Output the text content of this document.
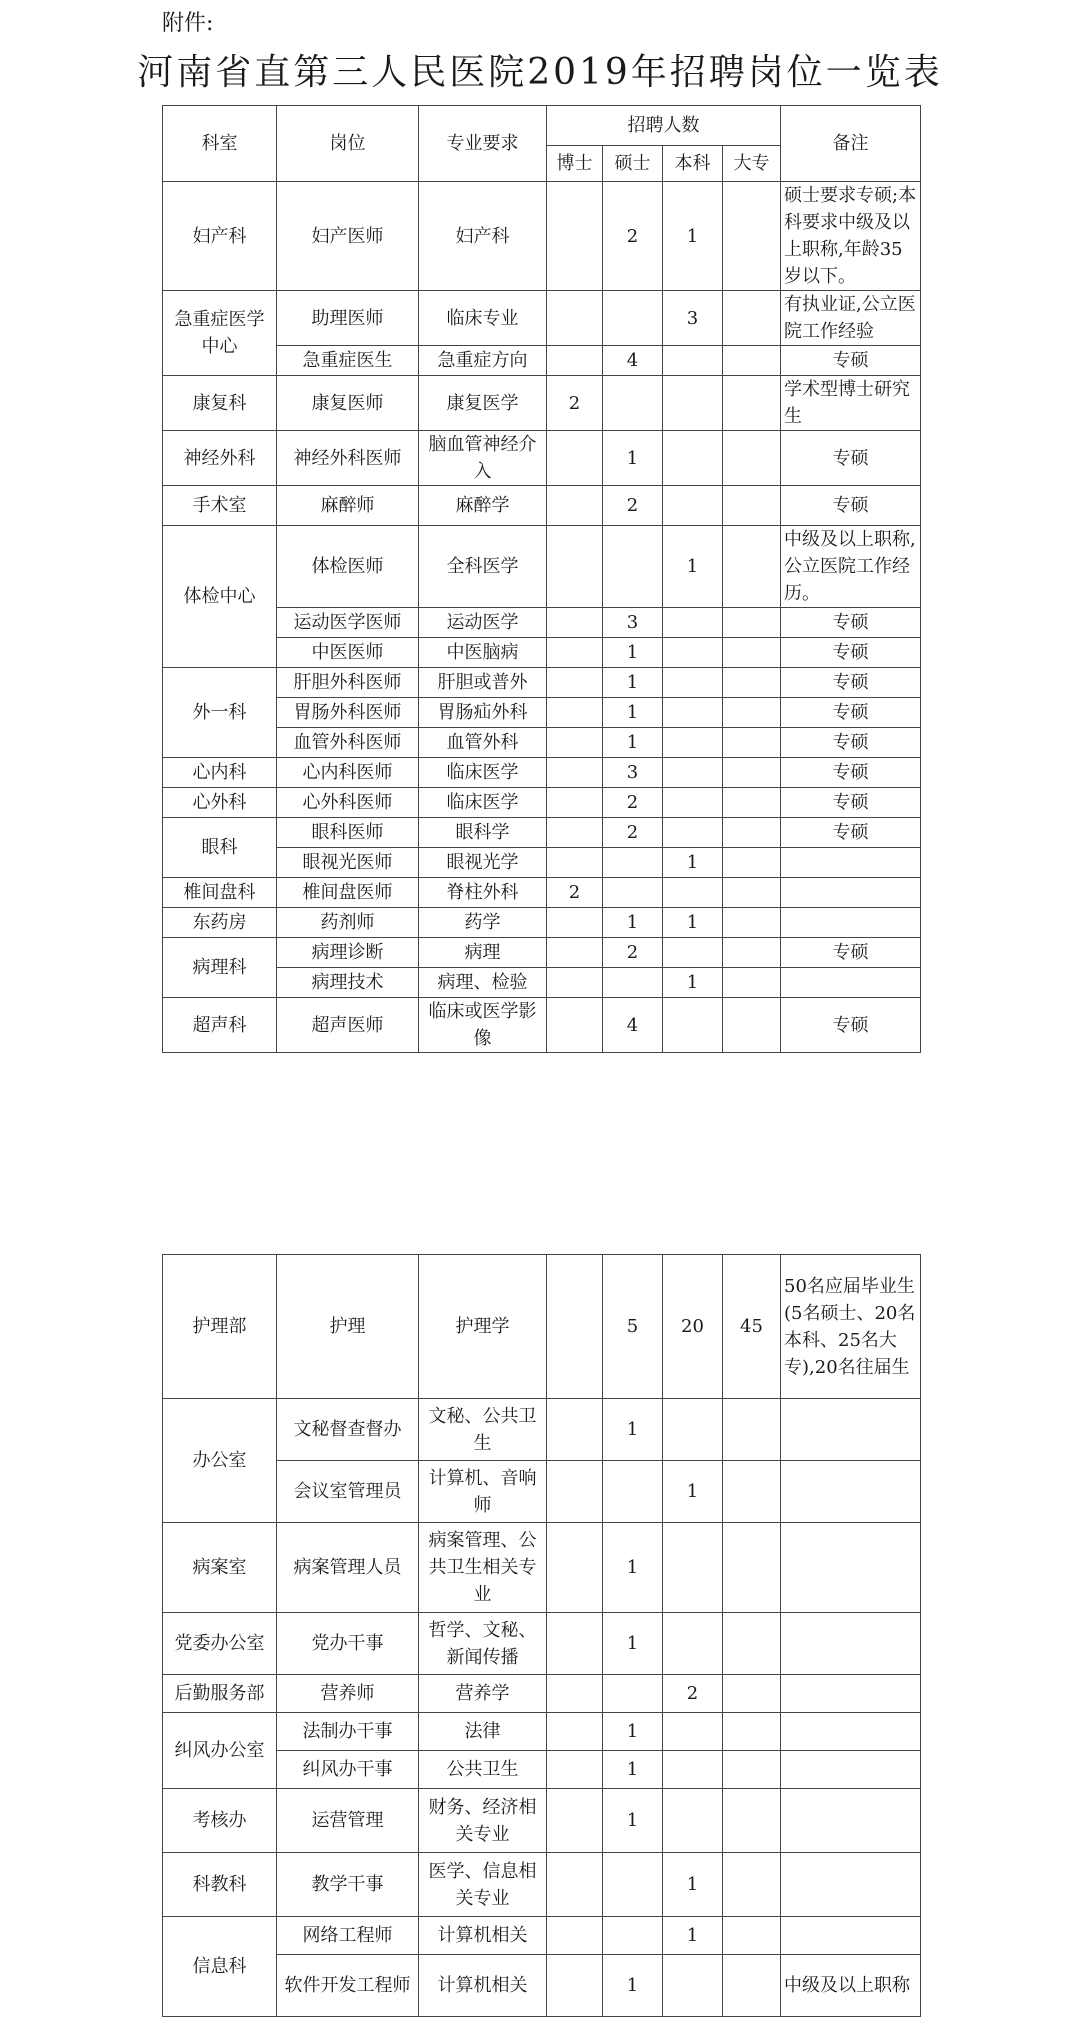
附件:
河南省直第三人民医院2019年招聘岗位一览表
科室	岗位	专业要求	招聘人数				备注
			博士	硕士	本科	大专	
妇产科	妇产医师	妇产科		2	1		硕士要求专硕;本科要求中级及以上职称,年龄35岁以下。
急重症医学中心	助理医师	临床专业			3		有执业证,公立医院工作经验
	急重症医生	急重症方向		4			专硕
康复科	康复医师	康复医学	2				学术型博士研究生
神经外科	神经外科医师	脑血管神经介入		1			专硕
手术室	麻醉师	麻醉学		2			专硕
体检中心	体检医师	全科医学			1		中级及以上职称,公立医院工作经历。
	运动医学医师	运动医学		3			专硕
	中医医师	中医脑病		1			专硕
外一科	肝胆外科医师	肝胆或普外		1			专硕
	胃肠外科医师	胃肠疝外科		1			专硕
	血管外科医师	血管外科		1			专硕
心内科	心内科医师	临床医学		3			专硕
心外科	心外科医师	临床医学		2			专硕
眼科	眼科医师	眼科学		2			专硕
	眼视光医师	眼视光学			1		
椎间盘科	椎间盘医师	脊柱外科	2				
东药房	药剂师	药学		1	1		
病理科	病理诊断	病理		2			专硕
	病理技术	病理、检验			1		
超声科	超声医师	临床或医学影像		4			专硕
护理部	护理	护理学		5	20	45	50名应届毕业生(5名硕士、20名本科、25名大专),20名往届生
办公室	文秘督查督办	文秘、公共卫生		1			
	会议室管理员	计算机、音响师			1		
病案室	病案管理人员	病案管理、公共卫生相关专业		1			
党委办公室	党办干事	哲学、文秘、新闻传播		1			
后勤服务部	营养师	营养学			2		
纠风办公室	法制办干事	法律		1			
	纠风办干事	公共卫生		1			
考核办	运营管理	财务、经济相关专业		1			
科教科	教学干事	医学、信息相关专业			1		
信息科	网络工程师	计算机相关			1		
	软件开发工程师	计算机相关		1			中级及以上职称
